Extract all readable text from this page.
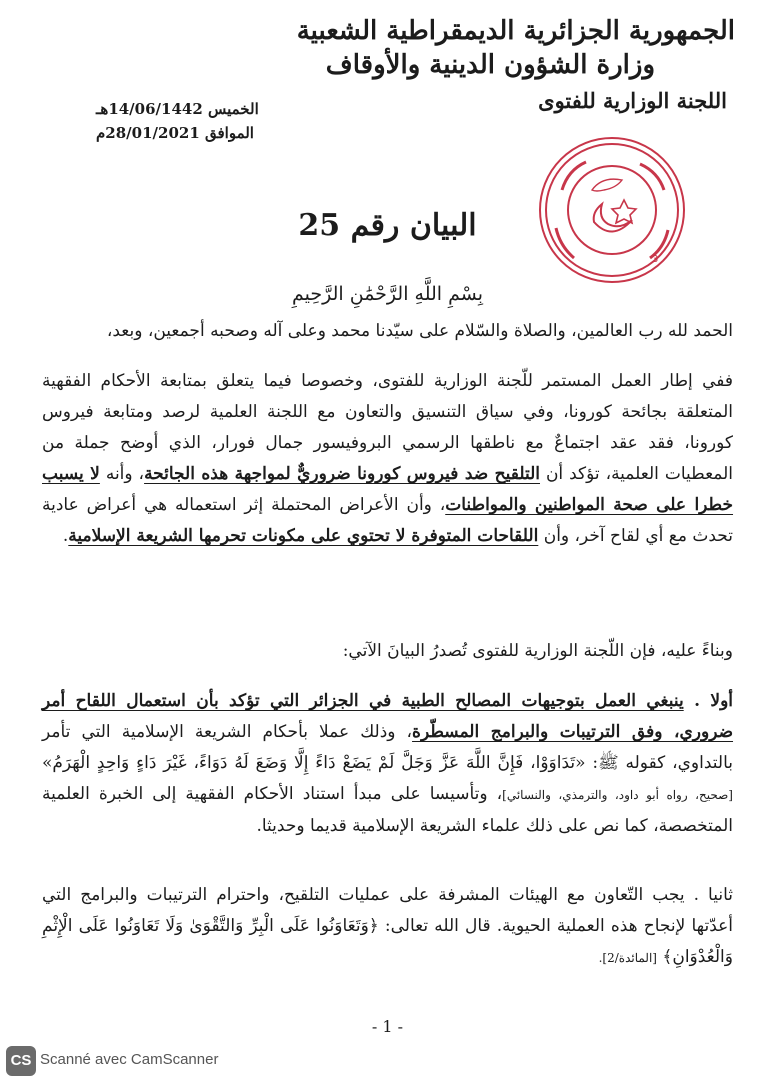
الجمهورية الجزائرية الديمقراطية الشعبية
وزارة الشؤون الدينية والأوقاف
اللجنة الوزارية للفتوى
الخميس 14/06/1442هـ
الموافق 28/01/2021م
3
البيان رقم 25
بِسْمِ اللَّهِ الرَّحْمَٰنِ الرَّحِيمِ

الحمد لله رب العالمين، والصلاة والسّلام على سيّدنا محمد وعلى آله وصحبه أجمعين، وبعد،

ففي إطار العمل المستمر للّجنة الوزارية للفتوى، وخصوصا فيما يتعلق بمتابعة الأحكام الفقهية المتعلقة بجائحة كورونا، وفي سياق التنسيق والتعاون مع اللجنة العلمية لرصد ومتابعة فيروس كورونا، فقد عقد اجتماعٌ مع ناطقها الرسمي البروفيسور جمال فورار، الذي أوضح جملة من المعطيات العلمية، تؤكد أن التلقيح ضد فيروس كورونا ضروريٌّ لمواجهة هذه الجائحة، وأنه لا يسبب خطرا على صحة المواطنين والمواطنات، وأن الأعراض المحتملة إثر استعماله هي أعراض عادية تحدث مع أي لقاح آخر، وأن اللقاحات المتوفرة لا تحتوي على مكونات تحرمها الشريعة الإسلامية.

وبناءً عليه، فإن اللّجنة الوزارية للفتوى تُصدرُ البيانَ الآتي:

أولا . ينبغي العمل بتوجيهات المصالح الطبية في الجزائر التي تؤكد بأن استعمال اللقاح أمر ضروري، وفق الترتيبات والبرامج المسطّرة، وذلك عملا بأحكام الشريعة الإسلامية التي تأمر بالتداوي، كقوله ﷺ: «تَدَاوَوْا، فَإِنَّ اللَّهَ عَزَّ وَجَلَّ لَمْ يَضَعْ دَاءً إِلَّا وَضَعَ لَهُ دَوَاءً، غَيْرَ دَاءٍ وَاحِدٍ الْهَرَمُ» [صحيح، رواه أبو داود، والترمذي، والنسائي]، وتأسيسا على مبدأ استناد الأحكام الفقهية إلى الخبرة العلمية المتخصصة، كما نص على ذلك علماء الشريعة الإسلامية قديما وحديثا.

ثانيا . يجب التّعاون مع الهيئات المشرفة على عمليات التلقيح، واحترام الترتيبات والبرامج التي أعدّتها لإنجاح هذه العملية الحيوية. قال الله تعالى: ﴿وَتَعَاوَنُوا عَلَى الْبِرِّ وَالتَّقْوَىٰ وَلَا تَعَاوَنُوا عَلَى الْإِثْمِ وَالْعُدْوَانِ﴾ [المائدة/2].

- 1 -
CS Scanné avec CamScanner
